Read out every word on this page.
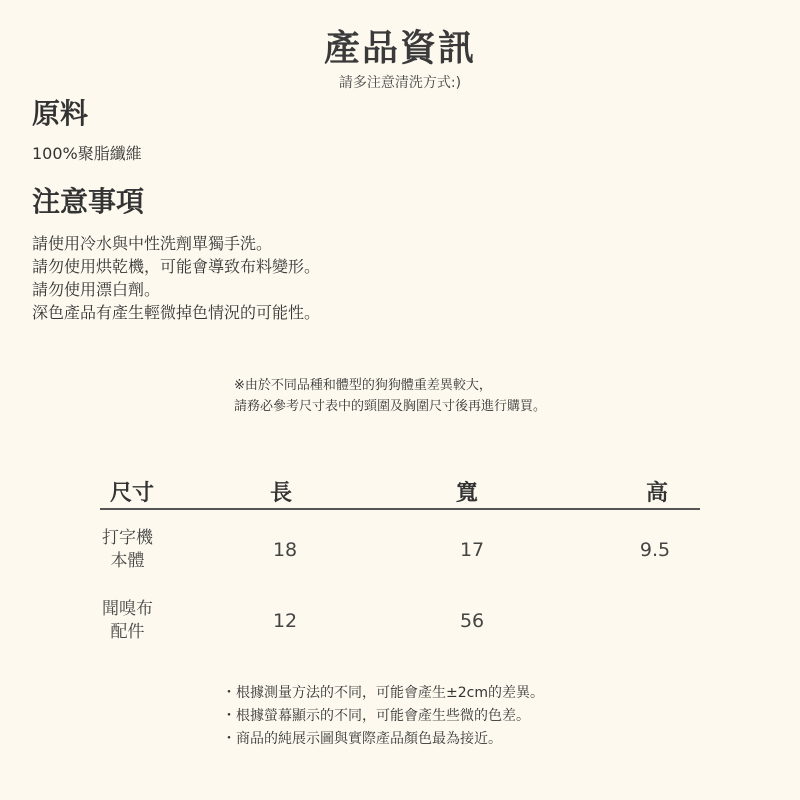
產品資訊
請多注意清洗方式:)
原料
100%聚脂纖維
注意事項
請使用冷水與中性洗劑單獨手洗。
請勿使用烘乾機，可能會導致布料變形。
請勿使用漂白劑。
深色產品有產生輕微掉色情況的可能性。
※由於不同品種和體型的狗狗體重差異較大，
請務必參考尺寸表中的頸圍及胸圍尺寸後再進行購買。
尺寸	長	寬	高

打字機
本體	18	17	9.5

聞嗅布
配件	12	56	
・ 根據測量方法的不同，可能會產生±2cm的差異。
・ 根據螢幕顯示的不同，可能會產生些微的色差。
・ 商品的純展示圖與實際產品顏色最為接近。
